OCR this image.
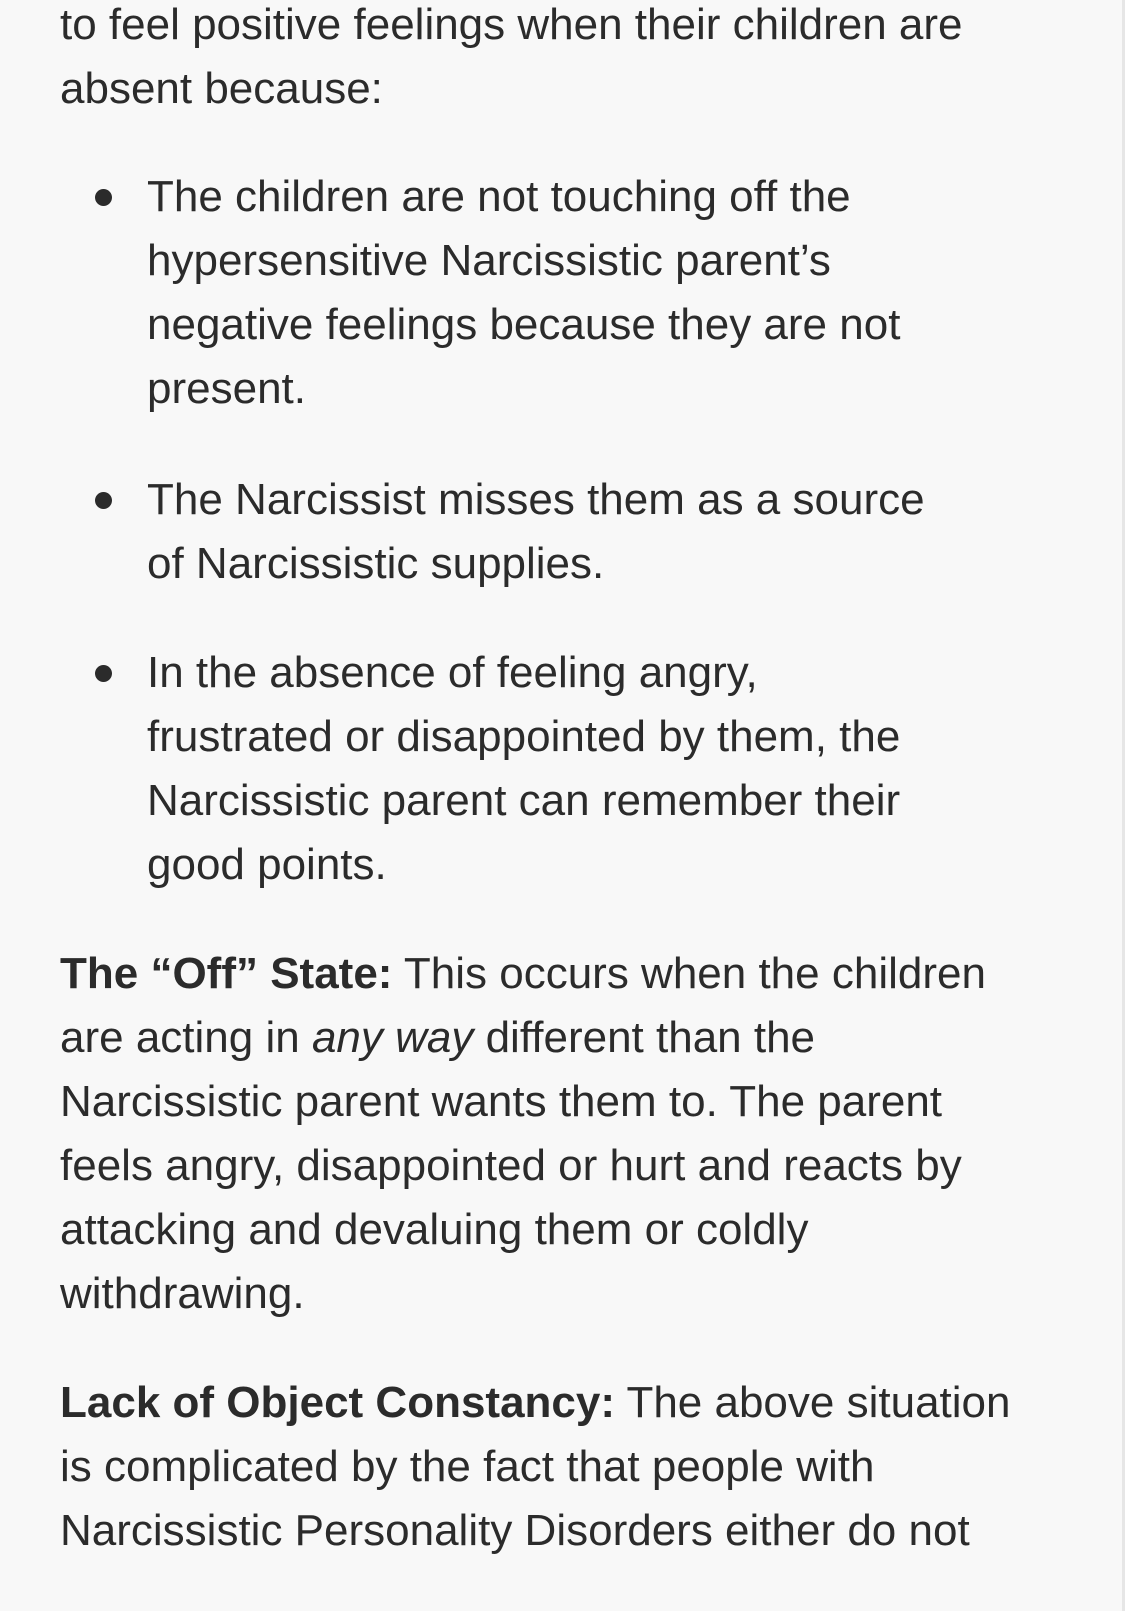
to feel positive feelings when their children are
absent because:
The children are not touching off the
hypersensitive Narcissistic parent’s
negative feelings because they are not
present.
The Narcissist misses them as a source
of Narcissistic supplies.
In the absence of feeling angry,
frustrated or disappointed by them, the
Narcissistic parent can remember their
good points.
The “Off” State: This occurs when the children
are acting in any way different than the
Narcissistic parent wants them to. The parent
feels angry, disappointed or hurt and reacts by
attacking and devaluing them or coldly
withdrawing.
Lack of Object Constancy: The above situation
is complicated by the fact that people with
Narcissistic Personality Disorders either do not
